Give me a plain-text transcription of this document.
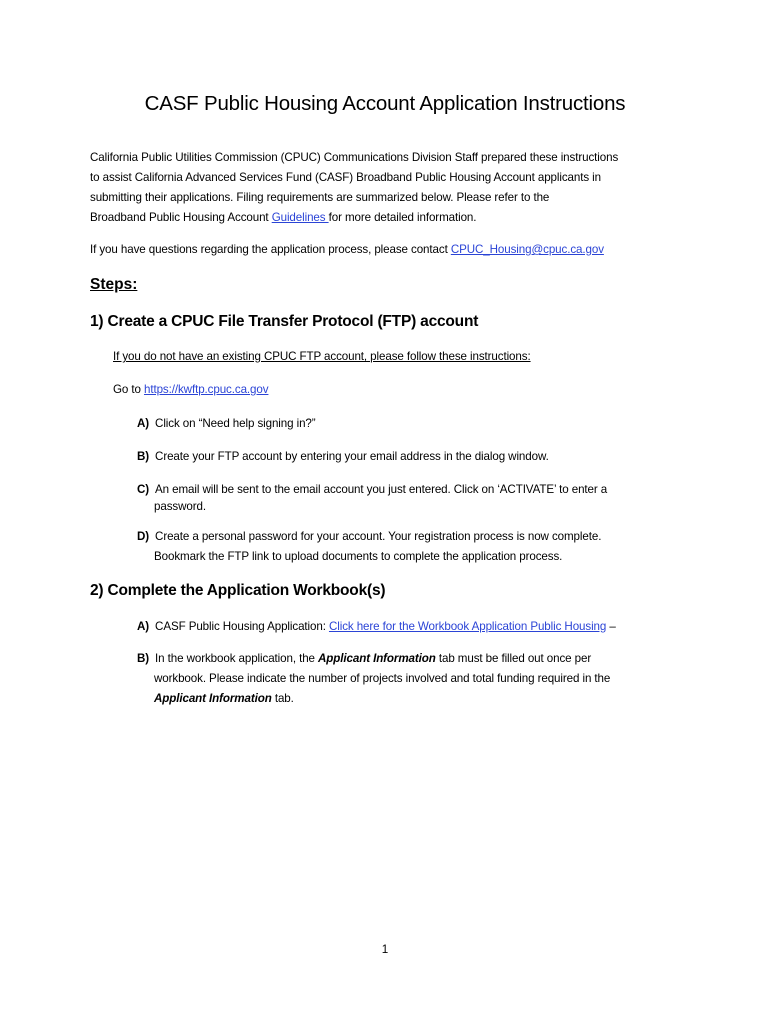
CASF Public Housing Account Application Instructions
California Public Utilities Commission (CPUC) Communications Division Staff prepared these instructions
to assist California Advanced Services Fund (CASF) Broadband Public Housing Account applicants in
submitting their applications. Filing requirements are summarized below. Please refer to the
Broadband Public Housing Account Guidelines for more detailed information.
If you have questions regarding the application process, please contact CPUC_Housing@cpuc.ca.gov
Steps:
1) Create a CPUC File Transfer Protocol (FTP) account
If you do not have an existing CPUC FTP account, please follow these instructions:
Go to https://kwftp.cpuc.ca.gov
A) Click on “Need help signing in?”
B) Create your FTP account by entering your email address in the dialog window.
C) An email will be sent to the email account you just entered. Click on ‘ACTIVATE’ to enter a
password.
D) Create a personal password for your account. Your registration process is now complete.
Bookmark the FTP link to upload documents to complete the application process.
2) Complete the Application Workbook(s)
A) CASF Public Housing Application: Click here for the Workbook Application Public Housing –
B) In the workbook application, the Applicant Information tab must be filled out once per
workbook. Please indicate the number of projects involved and total funding required in the
Applicant Information tab.
1
